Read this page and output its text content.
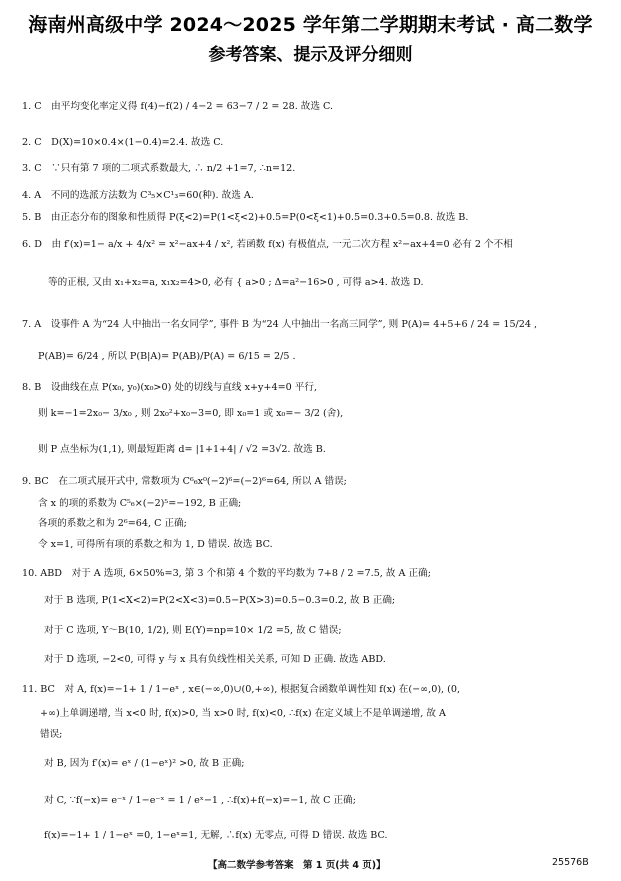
海南州高级中学 2024～2025 学年第二学期期末考试 · 高二数学
参考答案、提示及评分细则
1. C　由平均变化率定义得 f(4)−f(2) / 4−2 = 63−7 / 2 = 28. 故选 C.
2. C　D(X)=10×0.4×(1−0.4)=2.4. 故选 C.
3. C　∵只有第 7 项的二项式系数最大, ∴ n/2 +1=7, ∴n=12.
4. A　不同的选派方法数为 C³₅×C¹₃=60(种). 故选 A.
5. B　由正态分布的图象和性质得 P(ξ<2)=P(1<ξ<2)+0.5=P(0<ξ<1)+0.5=0.3+0.5=0.8. 故选 B.
6. D　由 f′(x)=1− a/x + 4/x² = x²−ax+4 / x², 若函数 f(x) 有极值点, 一元二次方程 x²−ax+4=0 必有 2 个不相
等的正根, 又由 x₁+x₂=a, x₁x₂=4>0, 必有 { a>0 ; Δ=a²−16>0 , 可得 a>4. 故选 D.
7. A　设事件 A 为“24 人中抽出一名女同学”, 事件 B 为“24 人中抽出一名高三同学”, 则 P(A)= 4+5+6 / 24 = 15/24 ,
P(AB)= 6/24 , 所以 P(B|A)= P(AB)/P(A) = 6/15 = 2/5 .
8. B　设曲线在点 P(x₀, y₀)(x₀>0) 处的切线与直线 x+y+4=0 平行,
则 k=−1=2x₀− 3/x₀ , 则 2x₀²+x₀−3=0, 即 x₀=1 或 x₀=− 3/2 (舍),
则 P 点坐标为(1,1), 则最短距离 d= |1+1+4| / √2 =3√2. 故选 B.
9. BC　在二项式展开式中, 常数项为 C⁶₆x⁰(−2)⁶=(−2)⁶=64, 所以 A 错误;
含 x 的项的系数为 C⁵₆×(−2)⁵=−192, B 正确;
各项的系数之和为 2⁶=64, C 正确;
令 x=1, 可得所有项的系数之和为 1, D 错误. 故选 BC.
10. ABD　对于 A 选项, 6×50%=3, 第 3 个和第 4 个数的平均数为 7+8 / 2 =7.5, 故 A 正确;
对于 B 选项, P(1<X<2)=P(2<X<3)=0.5−P(X>3)=0.5−0.3=0.2, 故 B 正确;
对于 C 选项, Y～B(10, 1/2), 则 E(Y)=np=10× 1/2 =5, 故 C 错误;
对于 D 选项, −2<0, 可得 y 与 x 具有负线性相关关系, 可知 D 正确. 故选 ABD.
11. BC　对 A, f(x)=−1+ 1 / 1−eˣ , x∈(−∞,0)∪(0,+∞), 根据复合函数单调性知 f(x) 在(−∞,0), (0,
+∞)上单调递增, 当 x<0 时, f(x)>0, 当 x>0 时, f(x)<0, ∴f(x) 在定义域上不是单调递增, 故 A
错误;
对 B, 因为 f′(x)= eˣ / (1−eˣ)² >0, 故 B 正确;
对 C, ∵f(−x)= e⁻ˣ / 1−e⁻ˣ = 1 / eˣ−1 , ∴f(x)+f(−x)=−1, 故 C 正确;
f(x)=−1+ 1 / 1−eˣ =0, 1−eˣ=1, 无解, ∴f(x) 无零点, 可得 D 错误. 故选 BC.
【高二数学参考答案　第 1 页(共 4 页)】	25576B
